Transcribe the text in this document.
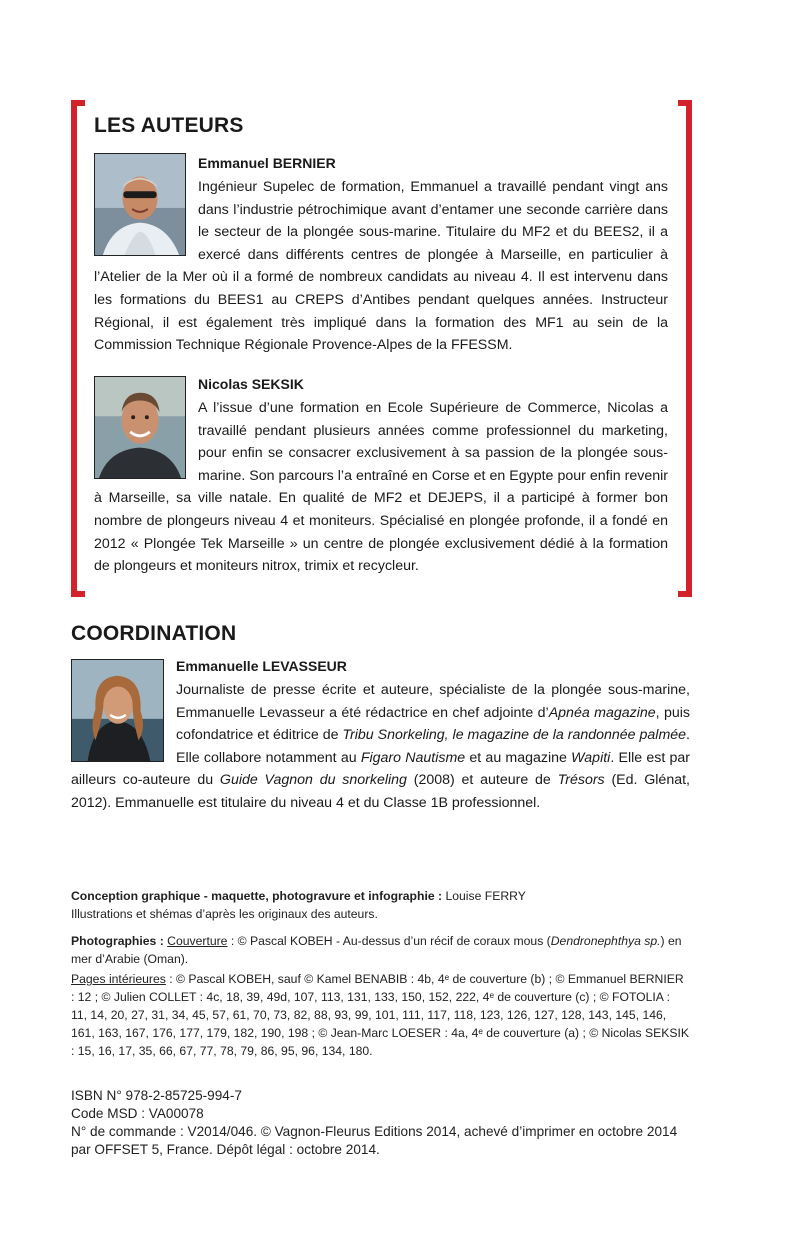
LES AUTEURS
Emmanuel BERNIER
Ingénieur Supelec de formation, Emmanuel a travaillé pendant vingt ans dans l’industrie pétrochimique avant d’entamer une seconde carrière dans le secteur de la plongée sous-marine. Titulaire du MF2 et du BEES2, il a exercé dans différents centres de plongée à Marseille, en particulier à l’Atelier de la Mer où il a formé de nombreux candidats au niveau 4. Il est intervenu dans les formations du BEES1 au CREPS d’Antibes pendant quelques années. Instructeur Régional, il est également très impliqué dans la formation des MF1 au sein de la Commission Technique Régionale Provence-Alpes de la FFESSM.
Nicolas SEKSIK
A l’issue d’une formation en Ecole Supérieure de Commerce, Nicolas a travaillé pendant plusieurs années comme professionnel du marketing, pour enfin se consacrer exclusivement à sa passion de la plongée sous-marine. Son parcours l’a entraîné en Corse et en Egypte pour enfin revenir à Marseille, sa ville natale. En qualité de MF2 et DEJEPS, il a participé à former bon nombre de plongeurs niveau 4 et moniteurs. Spécialisé en plongée profonde, il a fondé en 2012 « Plongée Tek Marseille » un centre de plongée exclusivement dédié à la formation de plongeurs et moniteurs nitrox, trimix et recycleur.
COORDINATION
Emmanuelle LEVASSEUR
Journaliste de presse écrite et auteure, spécialiste de la plongée sous-marine, Emmanuelle Levasseur a été rédactrice en chef adjointe d’Apnéa magazine, puis cofondatrice et éditrice de Tribu Snorkeling, le magazine de la randonnée palmée. Elle collabore notamment au Figaro Nautisme et au magazine Wapiti. Elle est par ailleurs co-auteure du Guide Vagnon du snorkeling (2008) et auteure de Trésors (Ed. Glénat, 2012). Emmanuelle est titulaire du niveau 4 et du Classe 1B professionnel.
Conception graphique - maquette, photogravure et infographie : Louise FERRY
Illustrations et shémas d’après les originaux des auteurs.
Photographies : Couverture : © Pascal KOBEH - Au-dessus d’un récif de coraux mous (Dendronephthya sp.) en mer d’Arabie (Oman).
Pages intérieures : © Pascal KOBEH, sauf © Kamel BENABIB : 4b, 4ᵉ de couverture (b) ; © Emmanuel BERNIER : 12 ; © Julien COLLET : 4c, 18, 39, 49d, 107, 113, 131, 133, 150, 152, 222, 4ᵉ de couverture (c) ; © FOTOLIA : 11, 14, 20, 27, 31, 34, 45, 57, 61, 70, 73, 82, 88, 93, 99, 101, 111, 117, 118, 123, 126, 127, 128, 143, 145, 146, 161, 163, 167, 176, 177, 179, 182, 190, 198 ; © Jean-Marc LOESER : 4a, 4ᵉ de couverture (a) ; © Nicolas SEKSIK : 15, 16, 17, 35, 66, 67, 77, 78, 79, 86, 95, 96, 134, 180.
ISBN N° 978-2-85725-994-7
Code MSD : VA00078
N° de commande : V2014/046. © Vagnon-Fleurus Editions 2014, achevé d’imprimer en octobre 2014
par OFFSET 5, France. Dépôt légal : octobre 2014.
